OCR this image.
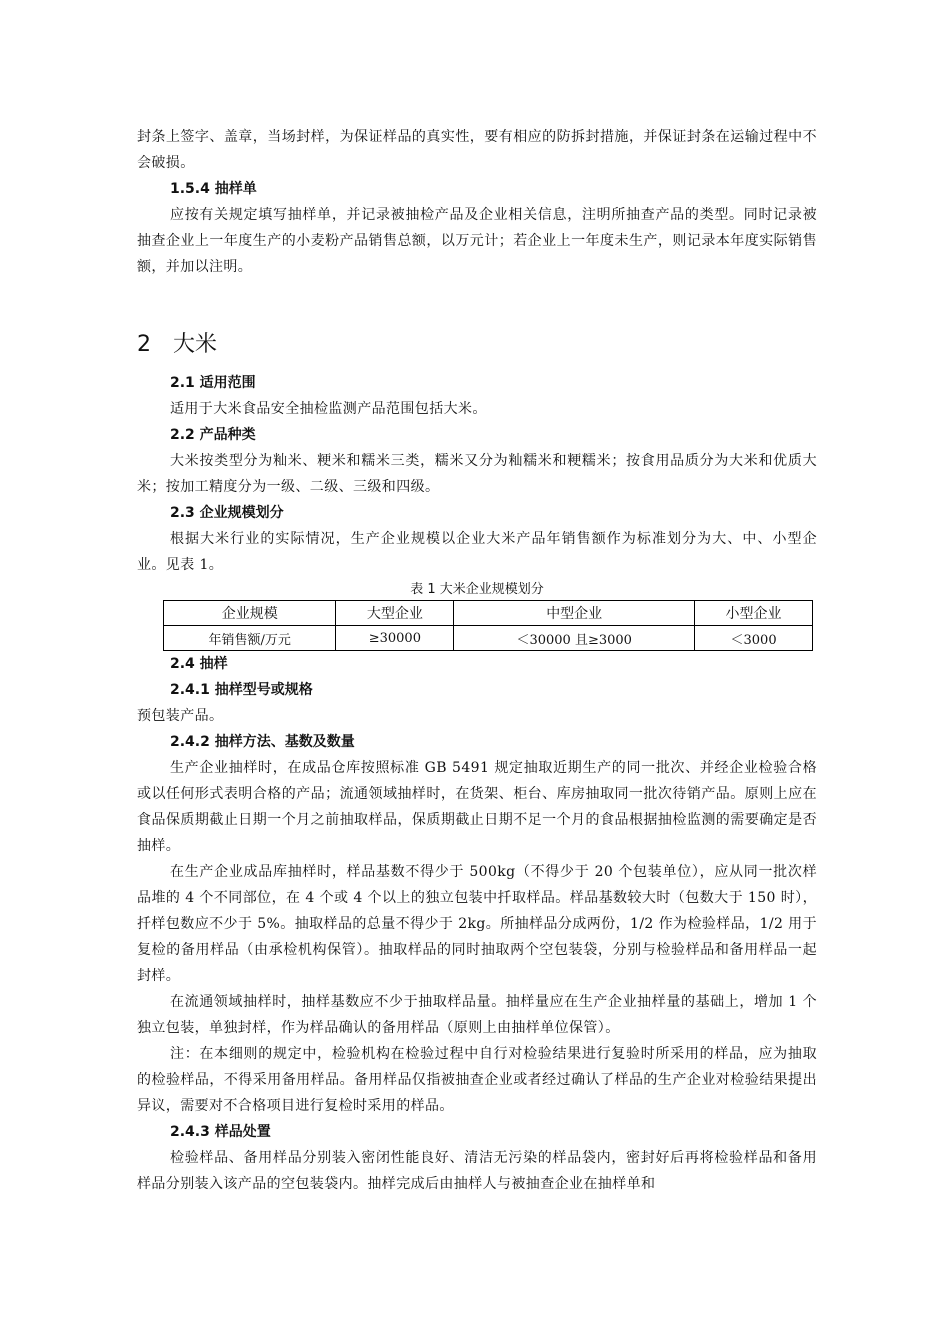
封条上签字、盖章，当场封样，为保证样品的真实性，要有相应的防拆封措施，并保证封条在运输过程中不会破损。

1.5.4 抽样单

应按有关规定填写抽样单，并记录被抽检产品及企业相关信息，注明所抽查产品的类型。同时记录被抽查企业上一年度生产的小麦粉产品销售总额，以万元计；若企业上一年度未生产，则记录本年度实际销售额，并加以注明。

2 大米
2.1 适用范围

适用于大米食品安全抽检监测产品范围包括大米。

2.2 产品种类

大米按类型分为籼米、粳米和糯米三类，糯米又分为籼糯米和粳糯米；按食用品质分为大米和优质大米；按加工精度分为一级、二级、三级和四级。

2.3 企业规模划分

根据大米行业的实际情况，生产企业规模以企业大米产品年销售额作为标准划分为大、中、小型企业。见表 1。

表 1 大米企业规模划分
企业规模	大型企业	中型企业	小型企业
年销售额/万元	≥30000	＜30000 且≥3000	＜3000
2.4 抽样
2.4.1 抽样型号或规格

预包装产品。

2.4.2 抽样方法、基数及数量

生产企业抽样时，在成品仓库按照标准 GB 5491 规定抽取近期生产的同一批次、并经企业检验合格或以任何形式表明合格的产品；流通领域抽样时，在货架、柜台、库房抽取同一批次待销产品。原则上应在食品保质期截止日期一个月之前抽取样品，保质期截止日期不足一个月的食品根据抽检监测的需要确定是否抽样。

在生产企业成品库抽样时，样品基数不得少于 500kg（不得少于 20 个包装单位），应从同一批次样品堆的 4 个不同部位，在 4 个或 4 个以上的独立包装中扦取样品。样品基数较大时（包数大于 150 时），扦样包数应不少于 5%。抽取样品的总量不得少于 2kg。所抽样品分成两份，1/2 作为检验样品，1/2 用于复检的备用样品（由承检机构保管）。抽取样品的同时抽取两个空包装袋，分别与检验样品和备用样品一起封样。

在流通领域抽样时，抽样基数应不少于抽取样品量。抽样量应在生产企业抽样量的基础上，增加 1 个独立包装，单独封样，作为样品确认的备用样品（原则上由抽样单位保管）。

注：在本细则的规定中，检验机构在检验过程中自行对检验结果进行复验时所采用的样品，应为抽取的检验样品，不得采用备用样品。备用样品仅指被抽查企业或者经过确认了样品的生产企业对检验结果提出异议，需要对不合格项目进行复检时采用的样品。

2.4.3 样品处置

检验样品、备用样品分别装入密闭性能良好、清洁无污染的样品袋内，密封好后再将检验样品和备用样品分别装入该产品的空包装袋内。抽样完成后由抽样人与被抽查企业在抽样单和
